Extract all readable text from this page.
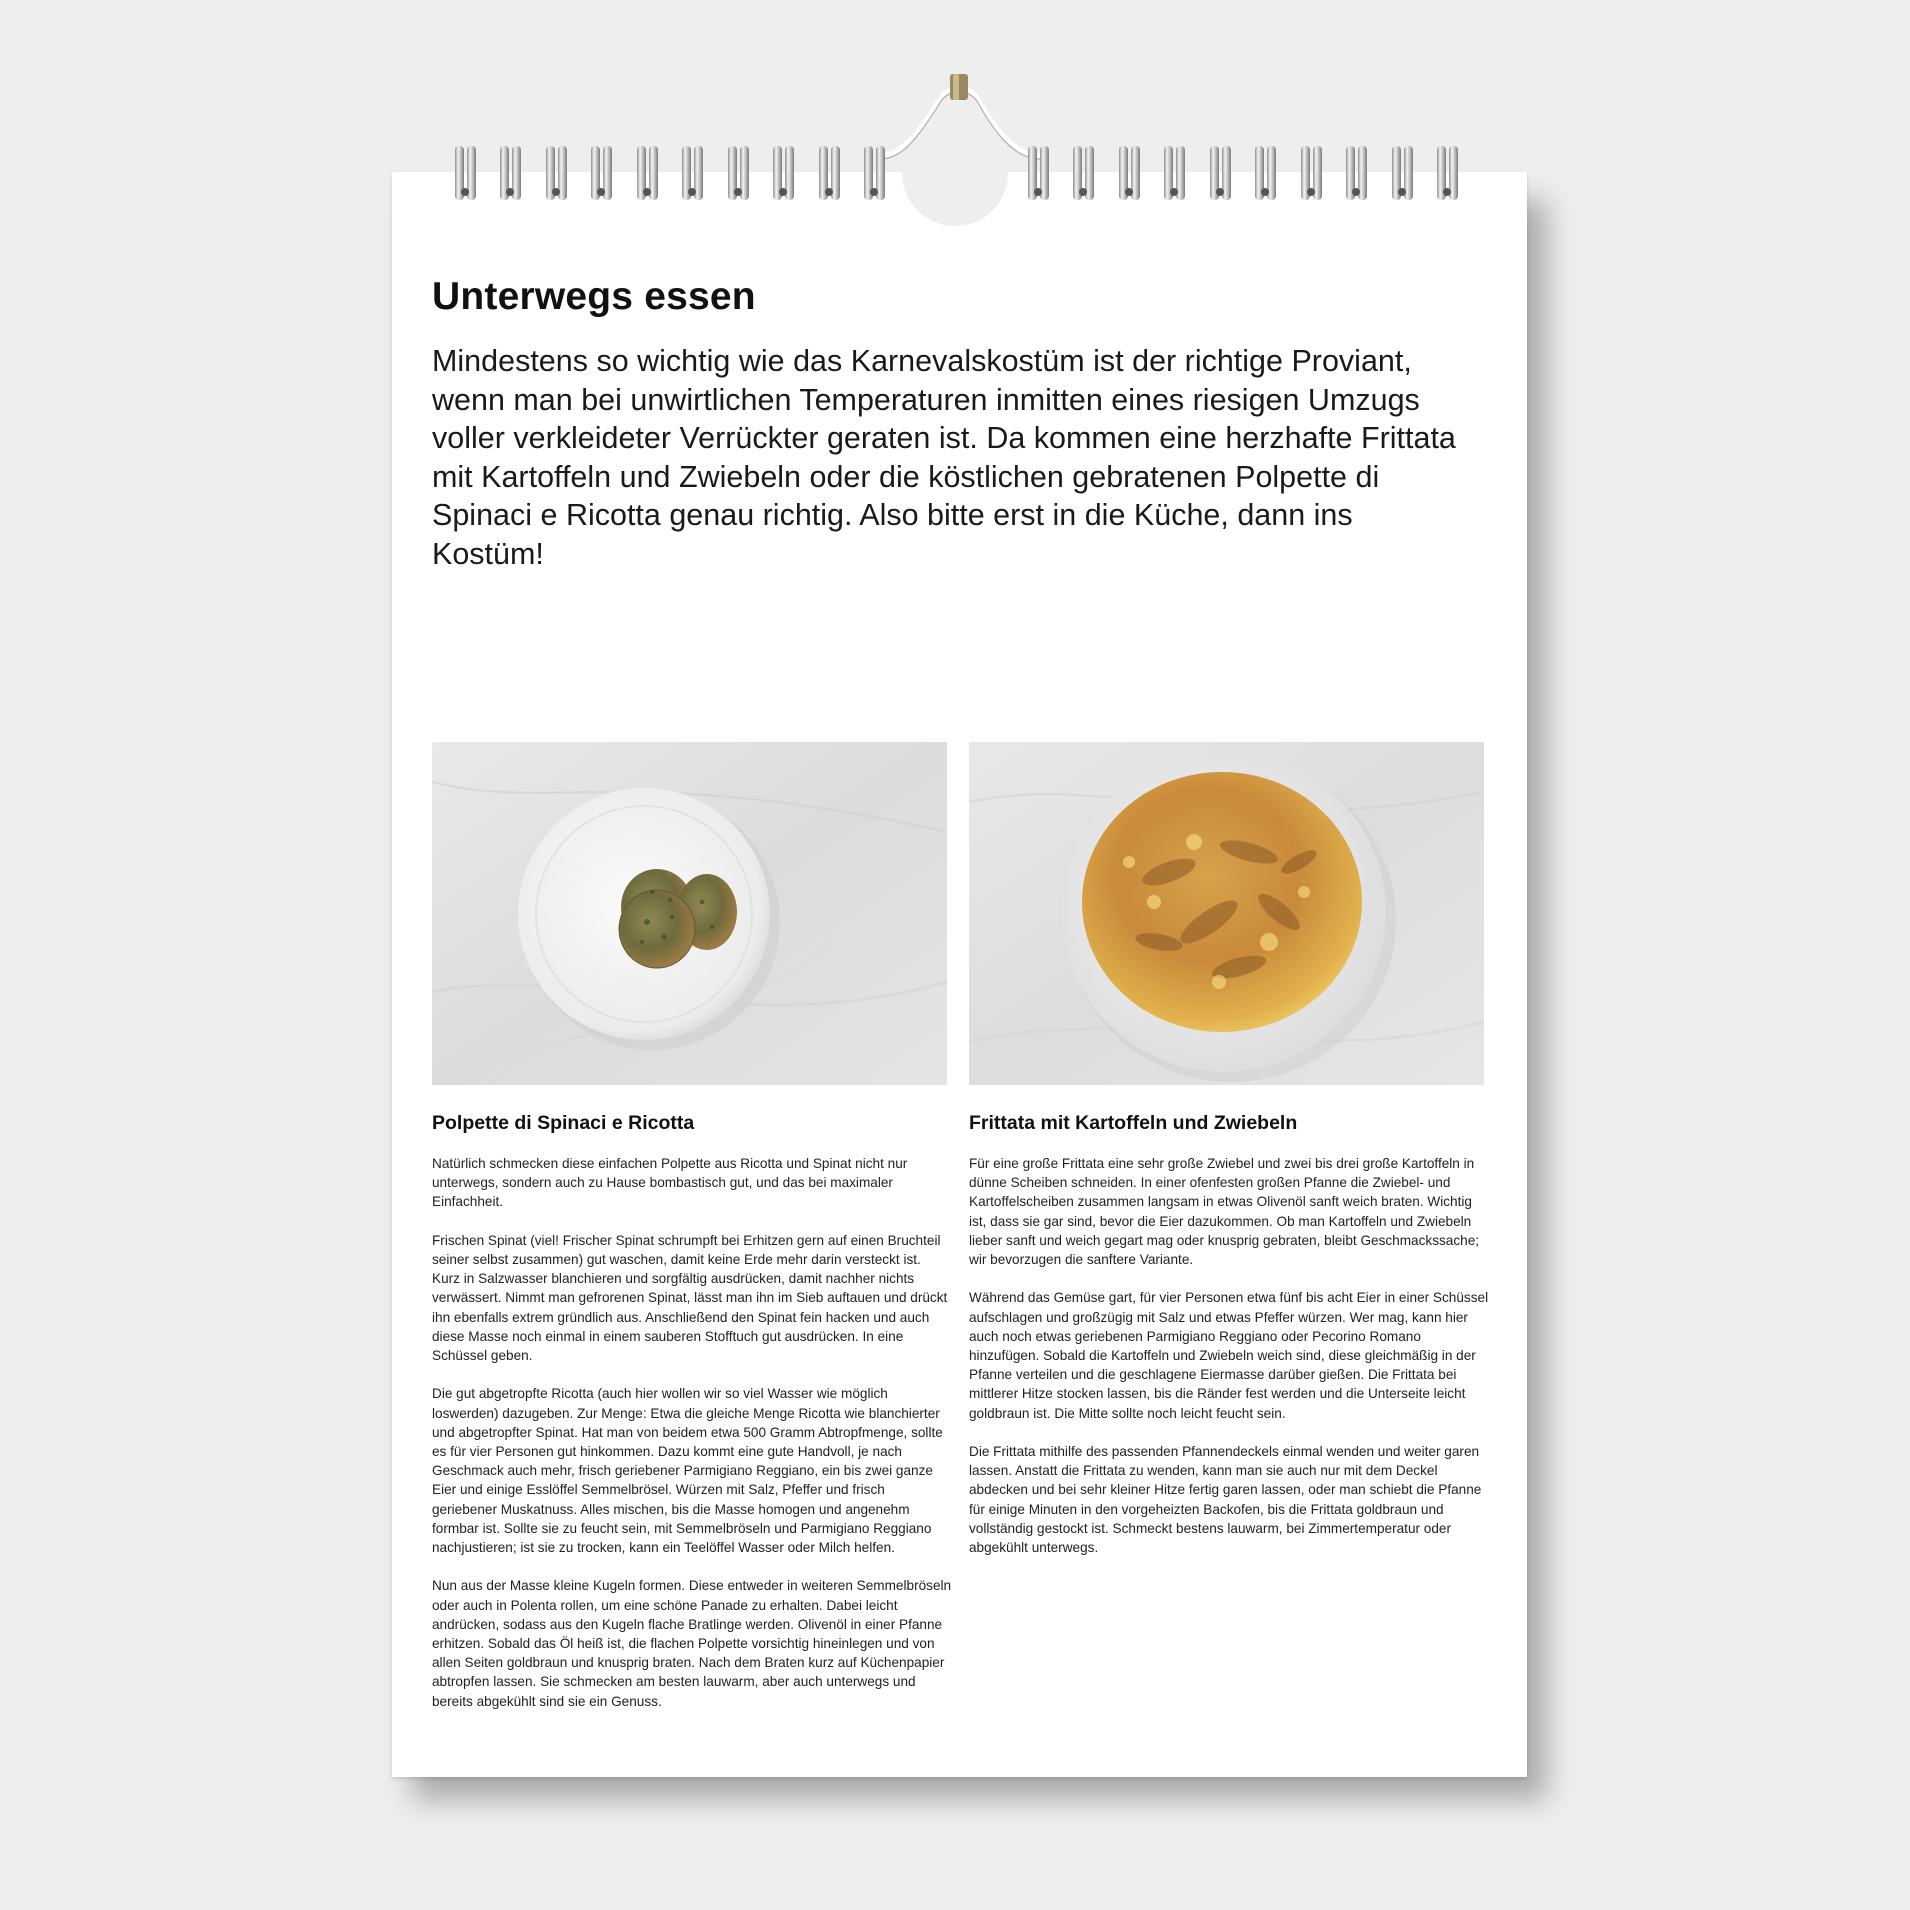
Unterwegs essen

Mindestens so wichtig wie das Karnevalskostüm ist der richtige Proviant, wenn man bei unwirtlichen Temperaturen inmitten eines riesigen Umzugs voller verkleideter Verrückter geraten ist. Da kommen eine herzhafte Frittata mit Kartoffeln und Zwiebeln oder die köstlichen gebratenen Polpette di Spinaci e Ricotta genau richtig. Also bitte erst in die Küche, dann ins Kostüm!

Polpette di Spinaci e Ricotta

Natürlich schmecken diese einfachen Polpette aus Ricotta und Spinat nicht nur unterwegs, sondern auch zu Hause bombastisch gut, und das bei maximaler Einfachheit.

Frischen Spinat (viel! Frischer Spinat schrumpft bei Erhitzen gern auf einen Bruchteil seiner selbst zusammen) gut waschen, damit keine Erde mehr darin versteckt ist. Kurz in Salzwasser blanchieren und sorgfältig ausdrücken, damit nachher nichts verwässert. Nimmt man gefrorenen Spinat, lässt man ihn im Sieb auftauen und drückt ihn ebenfalls extrem gründlich aus. Anschließend den Spinat fein hacken und auch diese Masse noch einmal in einem sauberen Stofftuch gut ausdrücken. In eine Schüssel geben.

Die gut abgetropfte Ricotta (auch hier wollen wir so viel Wasser wie möglich loswerden) dazugeben. Zur Menge: Etwa die gleiche Menge Ricotta wie blanchierter und abgetropfter Spinat. Hat man von beidem etwa 500 Gramm Abtropfmenge, sollte es für vier Personen gut hinkommen. Dazu kommt eine gute Handvoll, je nach Geschmack auch mehr, frisch geriebener Parmigiano Reggiano, ein bis zwei ganze Eier und einige Esslöffel Semmelbrösel. Würzen mit Salz, Pfeffer und frisch geriebener Muskatnuss. Alles mischen, bis die Masse homogen und angenehm formbar ist. Sollte sie zu feucht sein, mit Semmelbröseln und Parmigiano Reggiano nachjustieren; ist sie zu trocken, kann ein Teelöffel Wasser oder Milch helfen.

Nun aus der Masse kleine Kugeln formen. Diese entweder in weiteren Semmelbröseln oder auch in Polenta rollen, um eine schöne Panade zu erhalten. Dabei leicht andrücken, sodass aus den Kugeln flache Bratlinge werden. Olivenöl in einer Pfanne erhitzen. Sobald das Öl heiß ist, die flachen Polpette vorsichtig hineinlegen und von allen Seiten goldbraun und knusprig braten. Nach dem Braten kurz auf Küchenpapier abtropfen lassen. Sie schmecken am besten lauwarm, aber auch unterwegs und bereits abgekühlt sind sie ein Genuss.

Frittata mit Kartoffeln und Zwiebeln

Für eine große Frittata eine sehr große Zwiebel und zwei bis drei große Kartoffeln in dünne Scheiben schneiden. In einer ofenfesten großen Pfanne die Zwiebel- und Kartoffelscheiben zusammen langsam in etwas Olivenöl sanft weich braten. Wichtig ist, dass sie gar sind, bevor die Eier dazukommen. Ob man Kartoffeln und Zwiebeln lieber sanft und weich gegart mag oder knusprig gebraten, bleibt Geschmackssache; wir bevorzugen die sanftere Variante.

Während das Gemüse gart, für vier Personen etwa fünf bis acht Eier in einer Schüssel aufschlagen und großzügig mit Salz und etwas Pfeffer würzen. Wer mag, kann hier auch noch etwas geriebenen Parmigiano Reggiano oder Pecorino Romano hinzufügen. Sobald die Kartoffeln und Zwiebeln weich sind, diese gleichmäßig in der Pfanne verteilen und die geschlagene Eiermasse darüber gießen. Die Frittata bei mittlerer Hitze stocken lassen, bis die Ränder fest werden und die Unterseite leicht goldbraun ist. Die Mitte sollte noch leicht feucht sein.

Die Frittata mithilfe des passenden Pfannendeckels einmal wenden und weiter garen lassen. Anstatt die Frittata zu wenden, kann man sie auch nur mit dem Deckel abdecken und bei sehr kleiner Hitze fertig garen lassen, oder man schiebt die Pfanne für einige Minuten in den vorgeheizten Backofen, bis die Frittata goldbraun und vollständig gestockt ist. Schmeckt bestens lauwarm, bei Zimmertemperatur oder abgekühlt unterwegs.
